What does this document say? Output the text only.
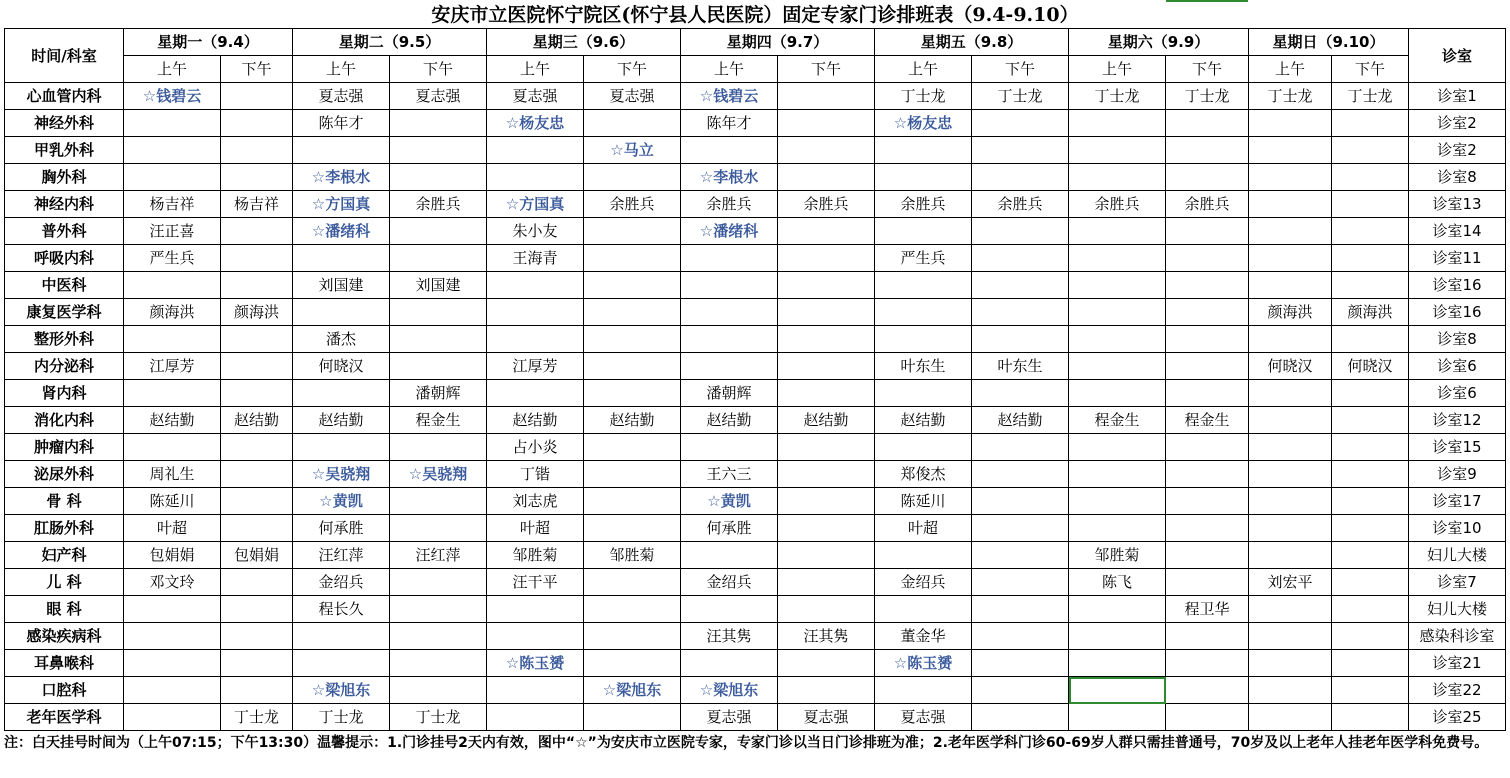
安庆市立医院怀宁院区(怀宁县人民医院）固定专家门诊排班表（9.4-9.10）
时间/科室	星期一（9.4）		星期二（9.5）		星期三（9.6）		星期四（9.7）		星期五（9.8）		星期六（9.9）		星期日（9.10）		诊室
	上午	下午	上午	下午	上午	下午	上午	下午	上午	下午	上午	下午	上午	下午	
心血管内科	☆钱碧云		夏志强	夏志强	夏志强	夏志强	☆钱碧云		丁士龙	丁士龙	丁士龙	丁士龙	丁士龙	丁士龙	诊室1
神经外科			陈年才		☆杨友忠		陈年才		☆杨友忠						诊室2
甲乳外科						☆马立									诊室2
胸外科			☆李根水				☆李根水								诊室8
神经内科	杨吉祥	杨吉祥	☆方国真	余胜兵	☆方国真	余胜兵	余胜兵	余胜兵	余胜兵	余胜兵	余胜兵	余胜兵			诊室13
普外科	汪正喜		☆潘绪科		朱小友		☆潘绪科								诊室14
呼吸内科	严生兵				王海青				严生兵						诊室11
中医科			刘国建	刘国建											诊室16
康复医学科	颜海洪	颜海洪											颜海洪	颜海洪	诊室16
整形外科			潘杰												诊室8
内分泌科	江厚芳		何晓汉		江厚芳				叶东生	叶东生			何晓汉	何晓汉	诊室6
肾内科				潘朝辉			潘朝辉								诊室6
消化内科	赵结勤	赵结勤	赵结勤	程金生	赵结勤	赵结勤	赵结勤	赵结勤	赵结勤	赵结勤	程金生	程金生			诊室12
肿瘤内科					占小炎										诊室15
泌尿外科	周礼生		☆吴骁翔	☆吴骁翔	丁锴		王六三		郑俊杰						诊室9
骨 科	陈延川		☆黄凯		刘志虎		☆黄凯		陈延川						诊室17
肛肠外科	叶超		何承胜		叶超		何承胜		叶超						诊室10
妇产科	包娟娟	包娟娟	汪红萍	汪红萍	邹胜菊	邹胜菊					邹胜菊				妇儿大楼
儿 科	邓文玲		金绍兵		汪干平		金绍兵		金绍兵		陈飞		刘宏平		诊室7
眼 科			程长久									程卫华			妇儿大楼
感染疾病科							汪其隽	汪其隽	董金华						感染科诊室
耳鼻喉科					☆陈玉赟				☆陈玉赟						诊室21
口腔科			☆梁旭东			☆梁旭东	☆梁旭东								诊室22
老年医学科		丁士龙	丁士龙	丁士龙			夏志强	夏志强	夏志强						诊室25
注：白天挂号时间为（上午07:15；下午13:30）温馨提示：1.门诊挂号2天内有效，图中“☆”为安庆市立医院专家，专家门诊以当日门诊排班为准；2.老年医学科门诊60-69岁人群只需挂普通号，70岁及以上老年人挂老年医学科免费号。
